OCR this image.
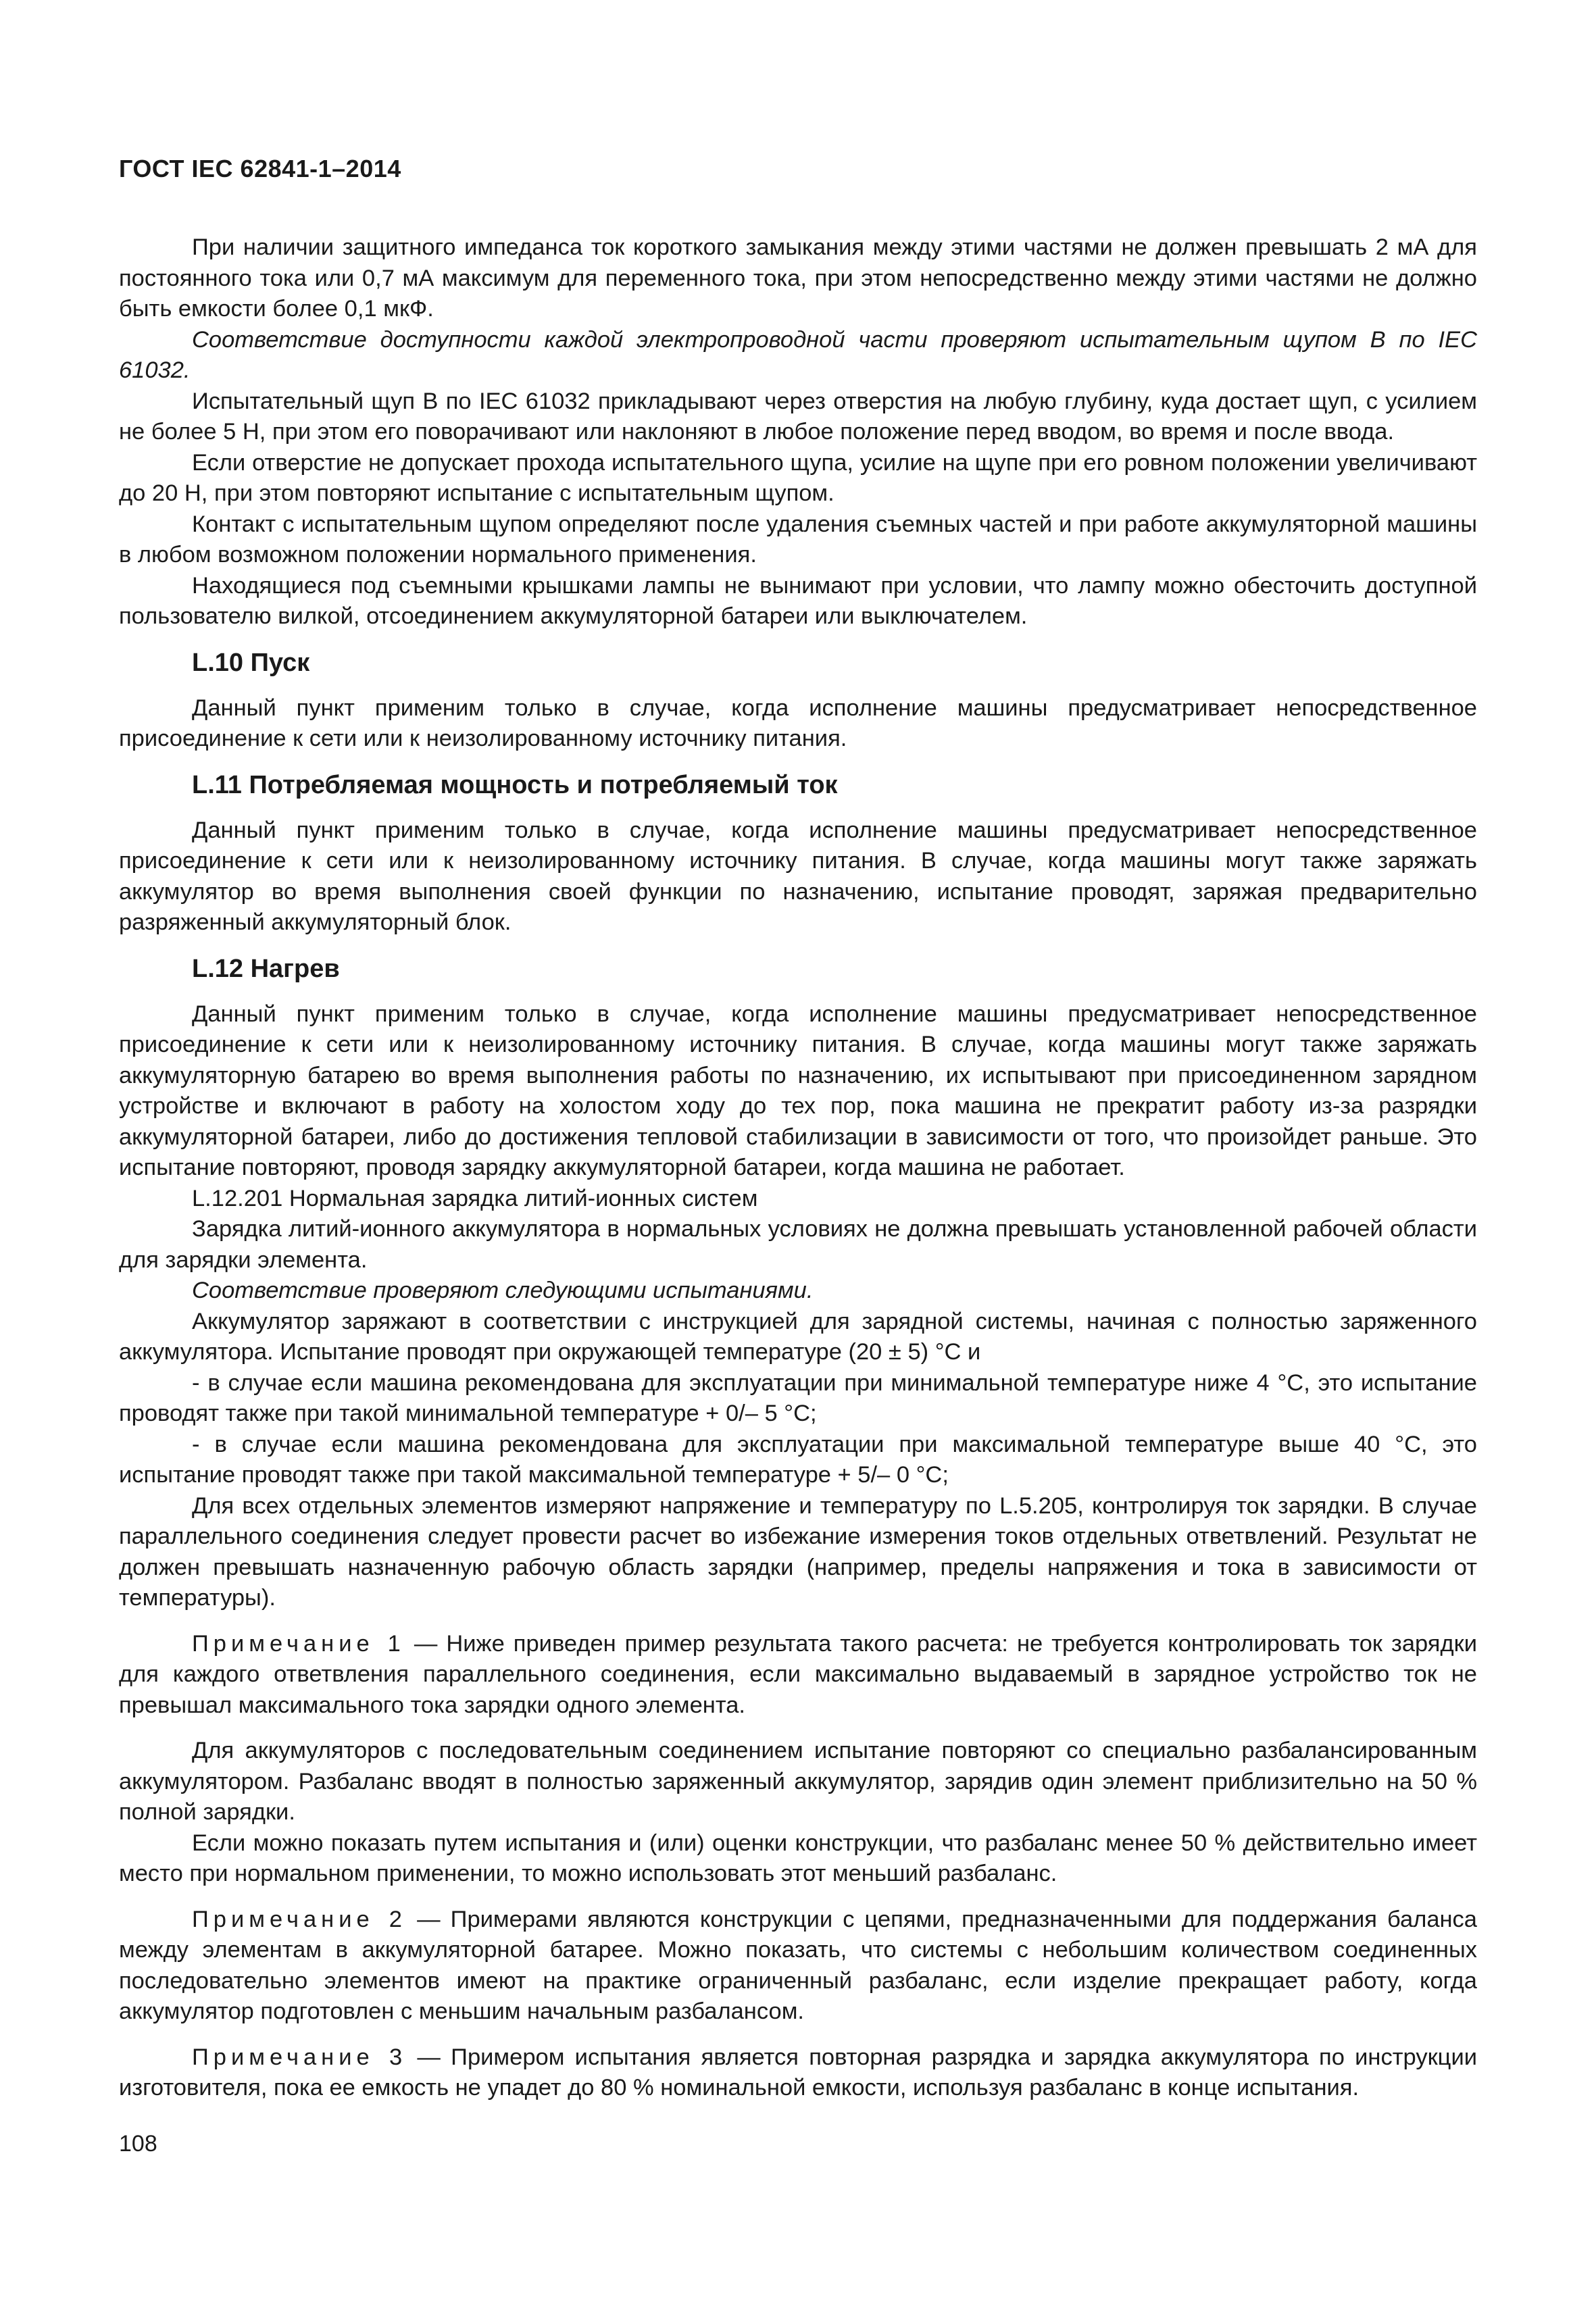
ГОСТ IEC 62841-1–2014

При наличии защитного импеданса ток короткого замыкания между этими частями не должен превышать 2 мА для постоянного тока или 0,7 мА максимум для переменного тока, при этом непосредственно между этими частями не должно быть емкости более 0,1 мкФ.

Соответствие доступности каждой электропроводной части проверяют испытательным щупом B по IEC 61032.

Испытательный щуп B по IEC 61032 прикладывают через отверстия на любую глубину, куда достает щуп, с усилием не более 5 Н, при этом его поворачивают или наклоняют в любое положение перед вводом, во время и после ввода.

Если отверстие не допускает прохода испытательного щупа, усилие на щупе при его ровном положении увеличивают до 20 Н, при этом повторяют испытание с испытательным щупом.

Контакт с испытательным щупом определяют после удаления съемных частей и при работе аккумуляторной машины в любом возможном положении нормального применения.

Находящиеся под съемными крышками лампы не вынимают при условии, что лампу можно обесточить доступной пользователю вилкой, отсоединением аккумуляторной батареи или выключателем.

L.10 Пуск

Данный пункт применим только в случае, когда исполнение машины предусматривает непосредственное присоединение к сети или к неизолированному источнику питания.

L.11 Потребляемая мощность и потребляемый ток

Данный пункт применим только в случае, когда исполнение машины предусматривает непосредственное присоединение к сети или к неизолированному источнику питания. В случае, когда машины могут также заряжать аккумулятор во время выполнения своей функции по назначению, испытание проводят, заряжая предварительно разряженный аккумуляторный блок.

L.12 Нагрев

Данный пункт применим только в случае, когда исполнение машины предусматривает непосредственное присоединение к сети или к неизолированному источнику питания. В случае, когда машины могут также заряжать аккумуляторную батарею во время выполнения работы по назначению, их испытывают при присоединенном зарядном устройстве и включают в работу на холостом ходу до тех пор, пока машина не прекратит работу из-за разрядки аккумуляторной батареи, либо до достижения тепловой стабилизации в зависимости от того, что произойдет раньше. Это испытание повторяют, проводя зарядку аккумуляторной батареи, когда машина не работает.

L.12.201 Нормальная зарядка литий-ионных систем

Зарядка литий-ионного аккумулятора в нормальных условиях не должна превышать установленной рабочей области для зарядки элемента.

Соответствие проверяют следующими испытаниями.

Аккумулятор заряжают в соответствии с инструкцией для зарядной системы, начиная с полностью заряженного аккумулятора. Испытание проводят при окружающей температуре (20 ± 5) °С и

- в случае если машина рекомендована для эксплуатации при минимальной температуре ниже 4 °С, это испытание проводят также при такой минимальной температуре + 0/– 5 °С;

- в случае если машина рекомендована для эксплуатации при максимальной температуре выше 40 °С, это испытание проводят также при такой максимальной температуре + 5/– 0 °С;

Для всех отдельных элементов измеряют напряжение и температуру по L.5.205, контролируя ток зарядки. В случае параллельного соединения следует провести расчет во избежание измерения токов отдельных ответвлений. Результат не должен превышать назначенную рабочую область зарядки (например, пределы напряжения и тока в зависимости от температуры).

Примечание 1 — Ниже приведен пример результата такого расчета: не требуется контролировать ток зарядки для каждого ответвления параллельного соединения, если максимально выдаваемый в зарядное устройство ток не превышал максимального тока зарядки одного элемента.

Для аккумуляторов с последовательным соединением испытание повторяют со специально разбалансированным аккумулятором. Разбаланс вводят в полностью заряженный аккумулятор, зарядив один элемент приблизительно на 50 % полной зарядки.

Если можно показать путем испытания и (или) оценки конструкции, что разбаланс менее 50 % действительно имеет место при нормальном применении, то можно использовать этот меньший разбаланс.

Примечание 2 — Примерами являются конструкции с цепями, предназначенными для поддержания баланса между элементам в аккумуляторной батарее. Можно показать, что системы с небольшим количеством соединенных последовательно элементов имеют на практике ограниченный разбаланс, если изделие прекращает работу, когда аккумулятор подготовлен с меньшим начальным разбалансом.

Примечание 3 — Примером испытания является повторная разрядка и зарядка аккумулятора по инструкции изготовителя, пока ее емкость не упадет до 80 % номинальной емкости, используя разбаланс в конце испытания.

108
